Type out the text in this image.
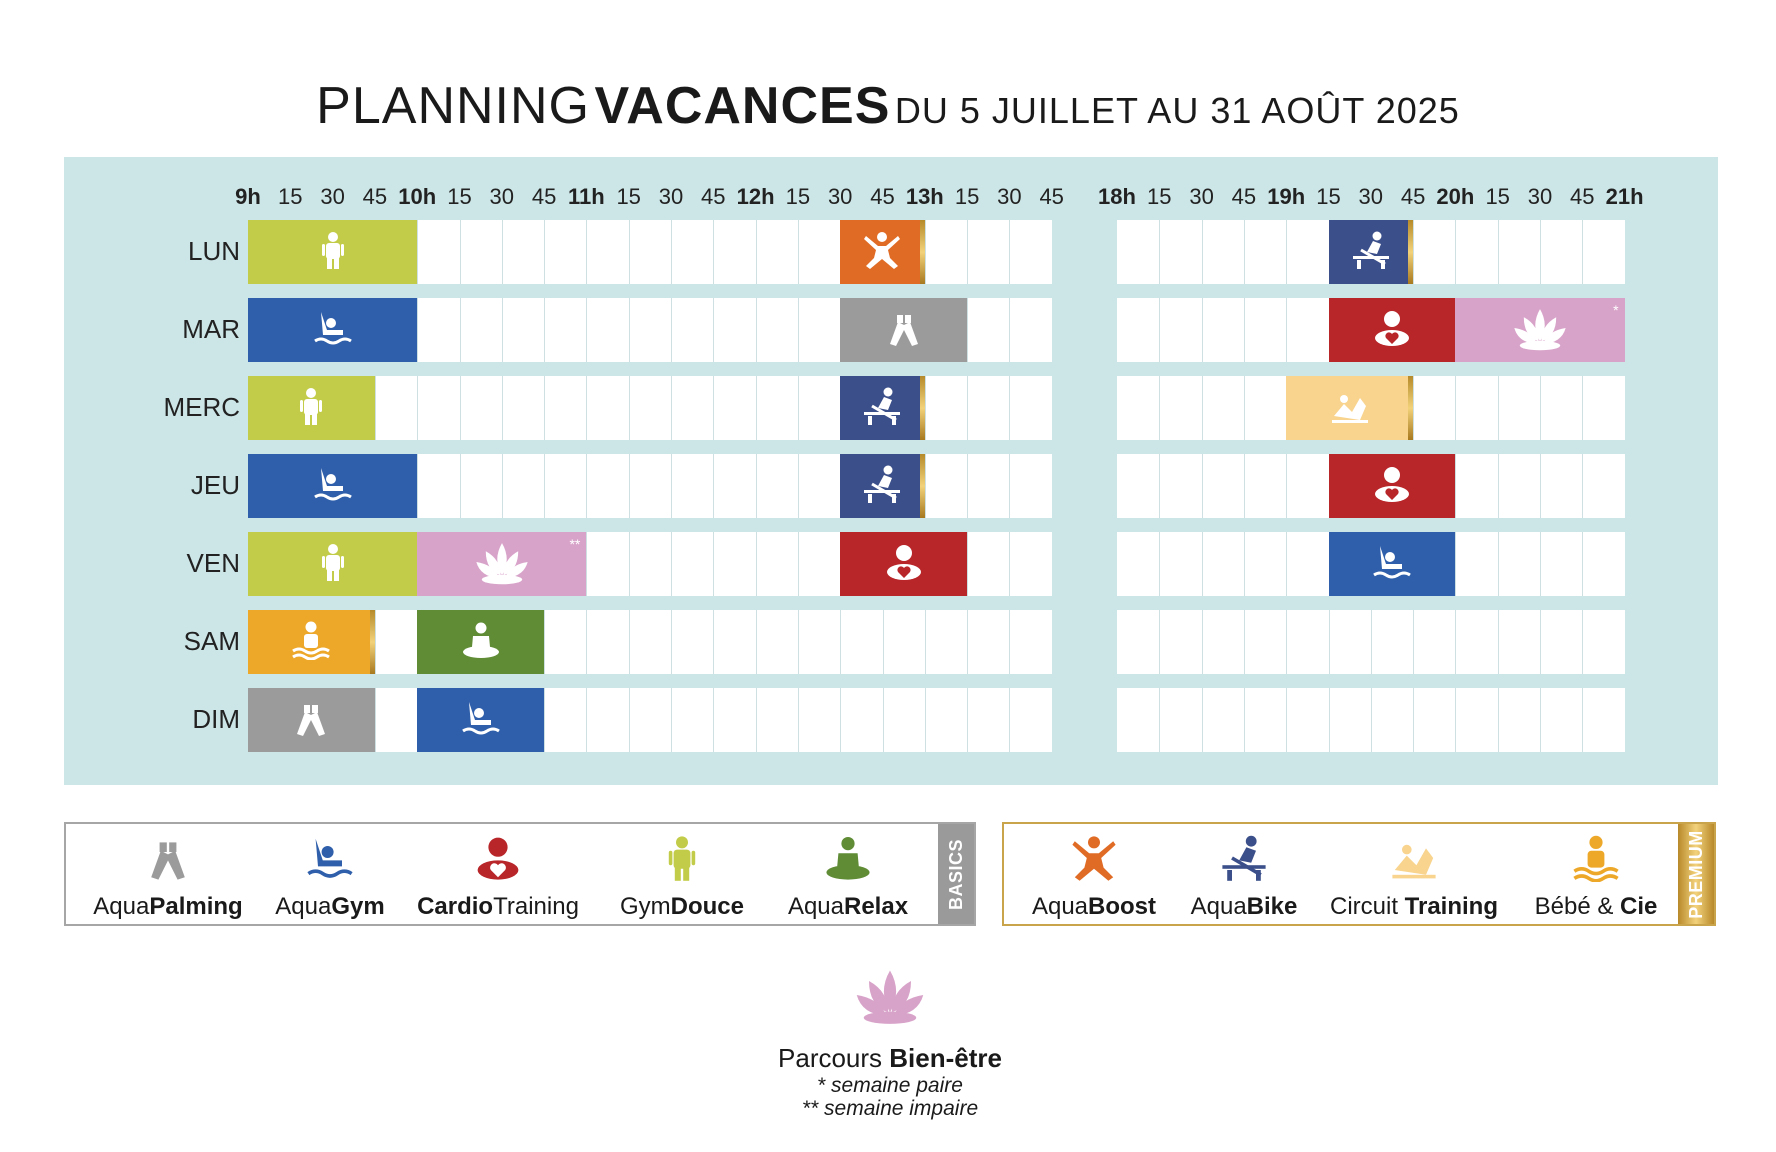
PLANNING VACANCES DU 5 JUILLET AU 31 AOÛT 2025
9h 15 30 45 10h 15 30 45 11h 15 30 45 12h 15 30 45 13h 15 30 45	18h 15 30 45 19h 15 30 45 20h 15 30 45 21h
LUN
MAR
MERC
JEU
VEN
SAM
DIM
*
**
AquaPalming AquaGym CardioTraining GymDouce AquaRelax BASICS	AquaBoost AquaBike Circuit Training Bébé & Cie PREMIUM
Parcours Bien-être
* semaine paire
** semaine impaire
